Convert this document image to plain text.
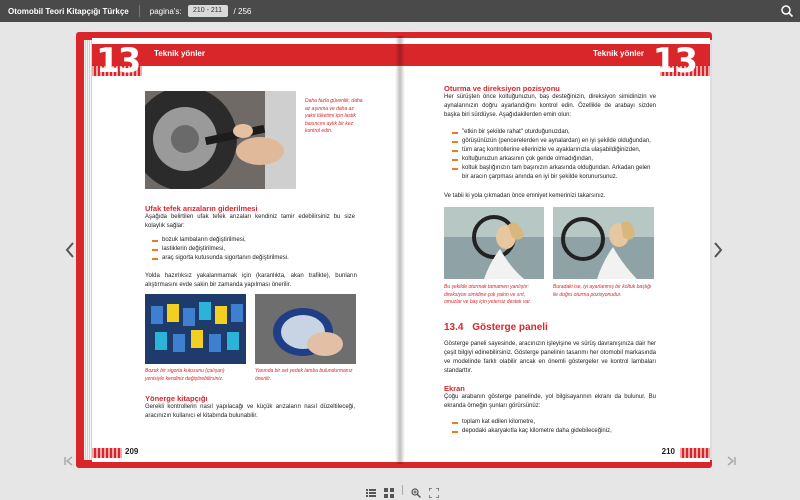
Otomobil Teori Kitapçığı Türkçe	pagina's:	210 - 211	/ 256
13 Teknik yönler
Daha fazla güvenlik, daha az aşınma ve daha az yakıt tüketimi için lastik basıncını aylık bir kez kontrol edin.
Ufak tefek arızaların giderilmesi
Aşağıda belirtilen ufak tefek arızaları kendiniz tamir edebilirsiniz bu size kolaylık sağlar:
bozuk lambaların değiştirilmesi,
lastiklerin değiştirilmesi,
araç sigorta kutusunda sigortanın değiştirilmesi.
Yolda hazırlıksız yakalanmamak için (karanlıkta, akan trafikte), bunların alıştırmasını evde sakin bir zamanda yapılması önerilir.
Bozuk bir sigorta kutusunu (çalışan) yenisiyle kendiniz değiştirebilirsiniz.
Yanında bir set yedek lamba bulundurmanız önerilir.
Yönerge kitapçığı
Gerekli kontrollerin nasıl yapılacağı ve küçük arızaların nasıl düzeltileceği, aracınızın kullanıcı el kitabında bulunabilir.
209
Teknik yönler 13
Oturma ve direksiyon pozisyonu
Her sürüşten önce koltuğunuzun, baş desteğinizin, direksiyon simidinizin ve aynalarınızın doğru ayarlandığını kontrol edin. Özellikle de arabayı sizden başka biri sürdüyse. Aşağıdakilerden emin olun:
"etkin bir şekilde rahat" oturduğunuzdan,
görüşünüzün (pencerelerden ve aynalardan) en iyi şekilde olduğundan,
tüm araç kontrollerine ellerinizle ve ayaklarınızla ulaşabildiğinizden,
koltuğunuzun arkasının çok geride olmadığından,
koltuk başlığınızın tam başınızın arkasında olduğundan. Arkadan gelen bir aracın çarpması anında en iyi bir şekilde korunursunuz.
Ve tabii ki yola çıkmadan önce emniyet kemerinizi takarsınız.
Bu şekilde oturmak tamamen yanlıştır: direksiyon simidine çok yakın ve sırt, omuzlar ve baş için yetersiz destek var.
Buradaki ise, iyi ayarlanmış bir koltuk başlığı ile doğru oturma pozisyonudur.
13.4 Gösterge paneli
Gösterge paneli sayesinde, aracınızın işleyişine ve sürüş davranışınıza dair her çeşit bilgiyi edinebilirsiniz. Gösterge panelinin tasarımı her otomobil markasında ve modelinde farklı olabilir ancak en önemli göstergeler ve kontrol lambaları standarttır.
Ekran
Çoğu arabanın gösterge panelinde, yol bilgisayarının ekranı da bulunur. Bu ekranda örneğin şunları görürsünüz:
toplam kat edilen kilometre,
depodaki akaryakıtla kaç kilometre daha gidebileceğiniz,
210
